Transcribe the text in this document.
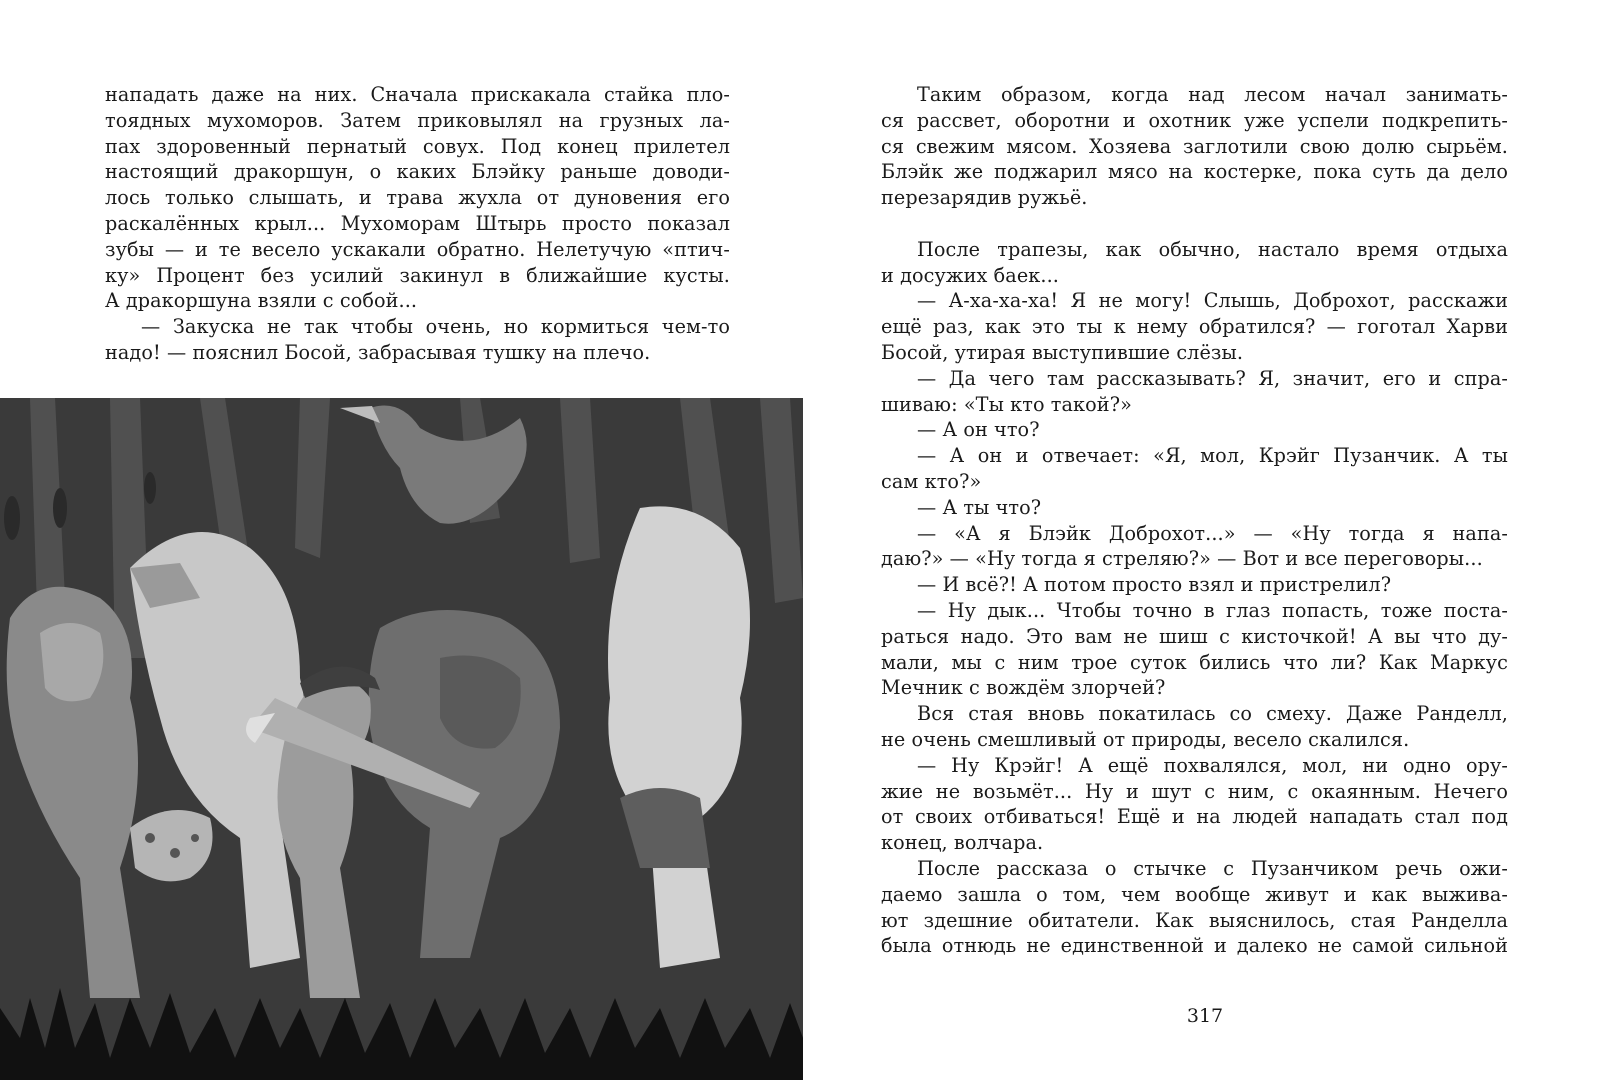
нападать даже на них. Сначала прискакала стайка пло-
тоядных мухоморов. Затем приковылял на грузных ла-
пах здоровенный пернатый совух. Под конец прилетел
настоящий дракоршун, о каких Блэйку раньше доводи-
лось только слышать, и трава жухла от дуновения его
раскалённых крыл... Мухоморам Штырь просто показал
зубы — и те весело ускакали обратно. Нелетучую «птич-
ку» Процент без усилий закинул в ближайшие кусты.
А дракоршуна взяли с собой...
— Закуска не так чтобы очень, но кормиться чем-то
надо! — пояснил Босой, забрасывая тушку на плечо.
Таким образом, когда над лесом начал занимать-
ся рассвет, оборотни и охотник уже успели подкрепить-
ся свежим мясом. Хозяева заглотили свою долю сырьём.
Блэйк же поджарил мясо на костерке, пока суть да дело
перезарядив ружьё.
После трапезы, как обычно, настало время отдыха
и досужих баек...
— А-ха-ха-ха! Я не могу! Слышь, Доброхот, расскажи
ещё раз, как это ты к нему обратился? — гоготал Харви
Босой, утирая выступившие слёзы.
— Да чего там рассказывать? Я, значит, его и спра-
шиваю: «Ты кто такой?»
— А он что?
— А он и отвечает: «Я, мол, Крэйг Пузанчик. А ты
сам кто?»
— А ты что?
— «А я Блэйк Доброхот...» — «Ну тогда я напа-
даю?» — «Ну тогда я стреляю?» — Вот и все переговоры...
— И всё?! А потом просто взял и пристрелил?
— Ну дык... Чтобы точно в глаз попасть, тоже поста-
раться надо. Это вам не шиш с кисточкой! А вы что ду-
мали, мы с ним трое суток бились что ли? Как Маркус
Мечник с вождём злорчей?
Вся стая вновь покатилась со смеху. Даже Ранделл,
не очень смешливый от природы, весело скалился.
— Ну Крэйг! А ещё похвалялся, мол, ни одно ору-
жие не возьмёт... Ну и шут с ним, с окаянным. Нечего
от своих отбиваться! Ещё и на людей нападать стал под
конец, волчара.
После рассказа о стычке с Пузанчиком речь ожи-
даемо зашла о том, чем вообще живут и как выжива-
ют здешние обитатели. Как выяснилось, стая Ранделла
была отнюдь не единственной и далеко не самой сильной
317
